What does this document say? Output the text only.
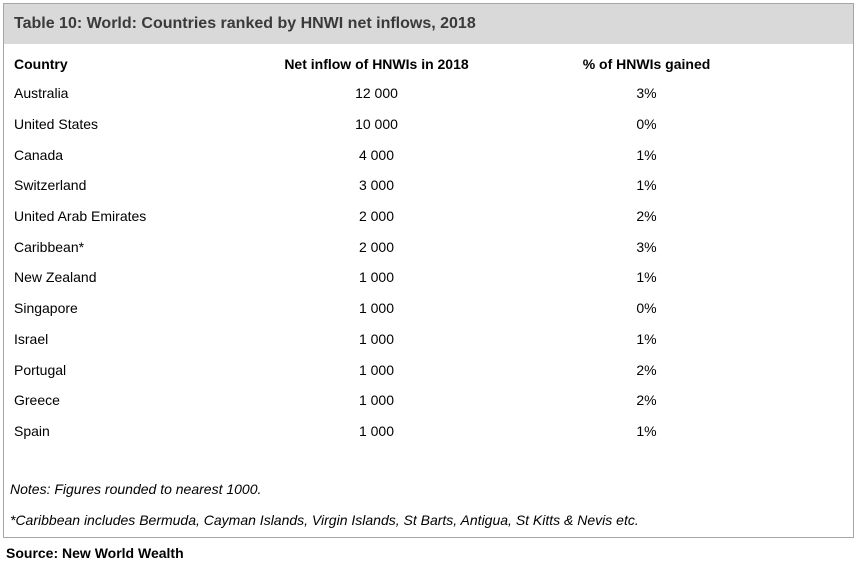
Table 10: World: Countries ranked by HNWI net inflows, 2018
Country	Net inflow of HNWIs in 2018	% of HNWIs gained
Australia	12 000	3%
United States	10 000	0%
Canada	4 000	1%
Switzerland	3 000	1%
United Arab Emirates	2 000	2%
Caribbean*	2 000	3%
New Zealand	1 000	1%
Singapore	1 000	0%
Israel	1 000	1%
Portugal	1 000	2%
Greece	1 000	2%
Spain	1 000	1%
Notes: Figures rounded to nearest 1000.
*Caribbean includes Bermuda, Cayman Islands, Virgin Islands, St Barts, Antigua, St Kitts & Nevis etc.
Source: New World Wealth
